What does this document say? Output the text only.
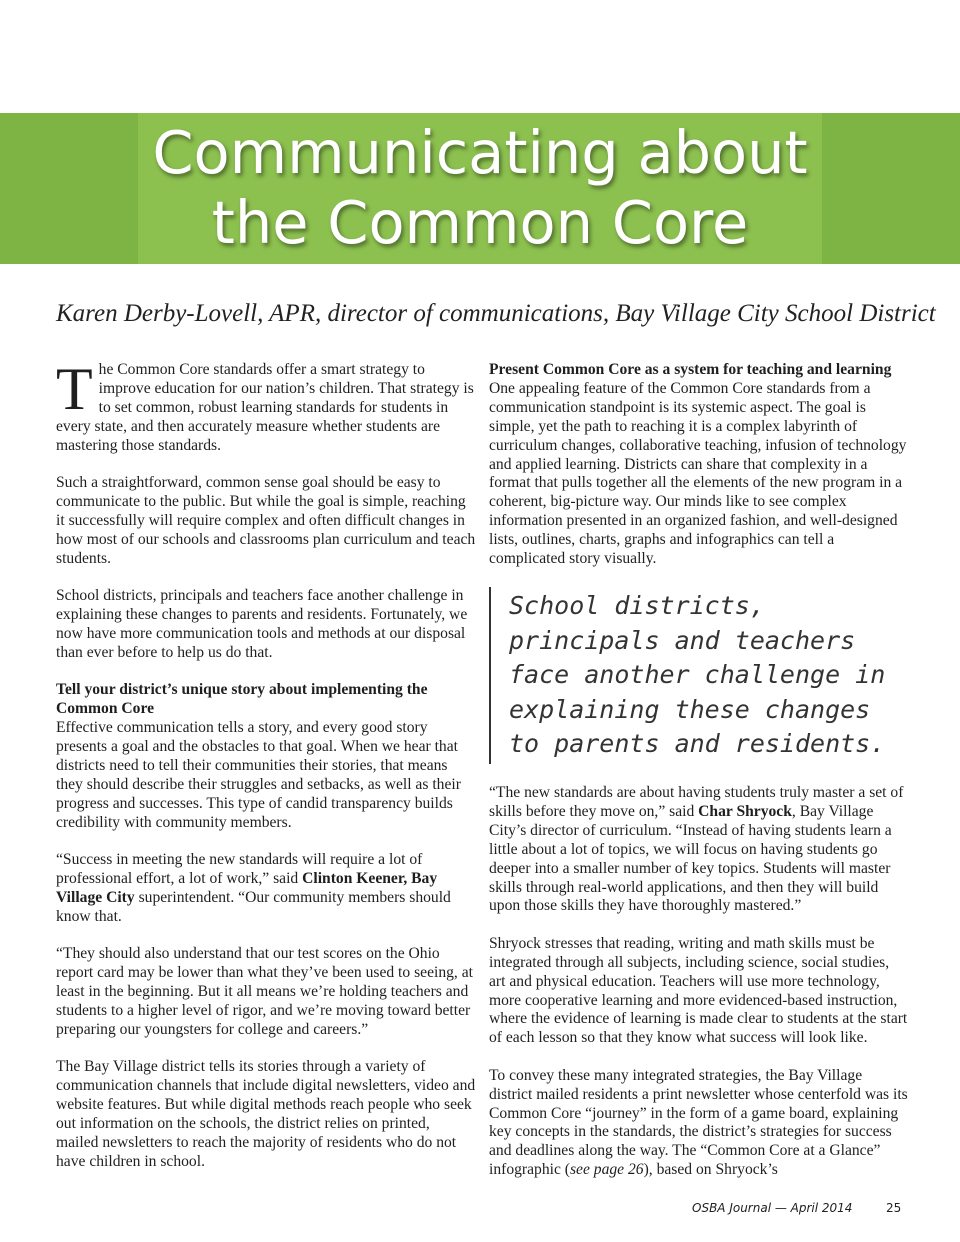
Communicating about
the Common Core
Karen Derby-Lovell, APR, director of communications, Bay Village City School District

The Common Core standards offer a smart strategy to improve education for our nation’s children. That strategy is to set common, robust learning standards for students in every state, and then accurately measure whether students are mastering those standards.

Such a straightforward, common sense goal should be easy to communicate to the public. But while the goal is simple, reaching it successfully will require complex and often difficult changes in how most of our schools and classrooms plan curriculum and teach students.

School districts, principals and teachers face another challenge in explaining these changes to parents and residents. Fortunately, we now have more communication tools and methods at our disposal than ever before to help us do that.

Tell your district’s unique story about implementing the Common Core
Effective communication tells a story, and every good story presents a goal and the obstacles to that goal. When we hear that districts need to tell their communities their stories, that means they should describe their struggles and setbacks, as well as their progress and successes. This type of candid transparency builds credibility with community members.

“Success in meeting the new standards will require a lot of professional effort, a lot of work,” said Clinton Keener, Bay Village City superintendent. “Our community members should know that.

“They should also understand that our test scores on the Ohio report card may be lower than what they’ve been used to seeing, at least in the beginning. But it all means we’re holding teachers and students to a higher level of rigor, and we’re moving toward better preparing our youngsters for college and careers.”

The Bay Village district tells its stories through a variety of communication channels that include digital newsletters, video and website features. But while digital methods reach people who seek out information on the schools, the district relies on printed, mailed newsletters to reach the majority of residents who do not have children in school.

Present Common Core as a system for teaching and learning
One appealing feature of the Common Core standards from a communication standpoint is its systemic aspect. The goal is simple, yet the path to reaching it is a complex labyrinth of curriculum changes, collaborative teaching, infusion of technology and applied learning. Districts can share that complexity in a format that pulls together all the elements of the new program in a coherent, big-picture way. Our minds like to see complex information presented in an organized fashion, and well-designed lists, outlines, charts, graphs and infographics can tell a complicated story visually.

School districts, principals and teachers face another challenge in explaining these changes to parents and residents.

“The new standards are about having students truly master a set of skills before they move on,” said Char Shryock, Bay Village City’s director of curriculum. “Instead of having students learn a little about a lot of topics, we will focus on having students go deeper into a smaller number of key topics. Students will master skills through real-world applications, and then they will build upon those skills they have thoroughly mastered.”

Shryock stresses that reading, writing and math skills must be integrated through all subjects, including science, social studies, art and physical education. Teachers will use more technology, more cooperative learning and more evidenced-based instruction, where the evidence of learning is made clear to students at the start of each lesson so that they know what success will look like.

To convey these many integrated strategies, the Bay Village district mailed residents a print newsletter whose centerfold was its Common Core “journey” in the form of a game board, explaining key concepts in the standards, the district’s strategies for success and deadlines along the way. The “Common Core at a Glance” infographic (see page 26), based on Shryock’s

OSBA Journal — April 2014	25
